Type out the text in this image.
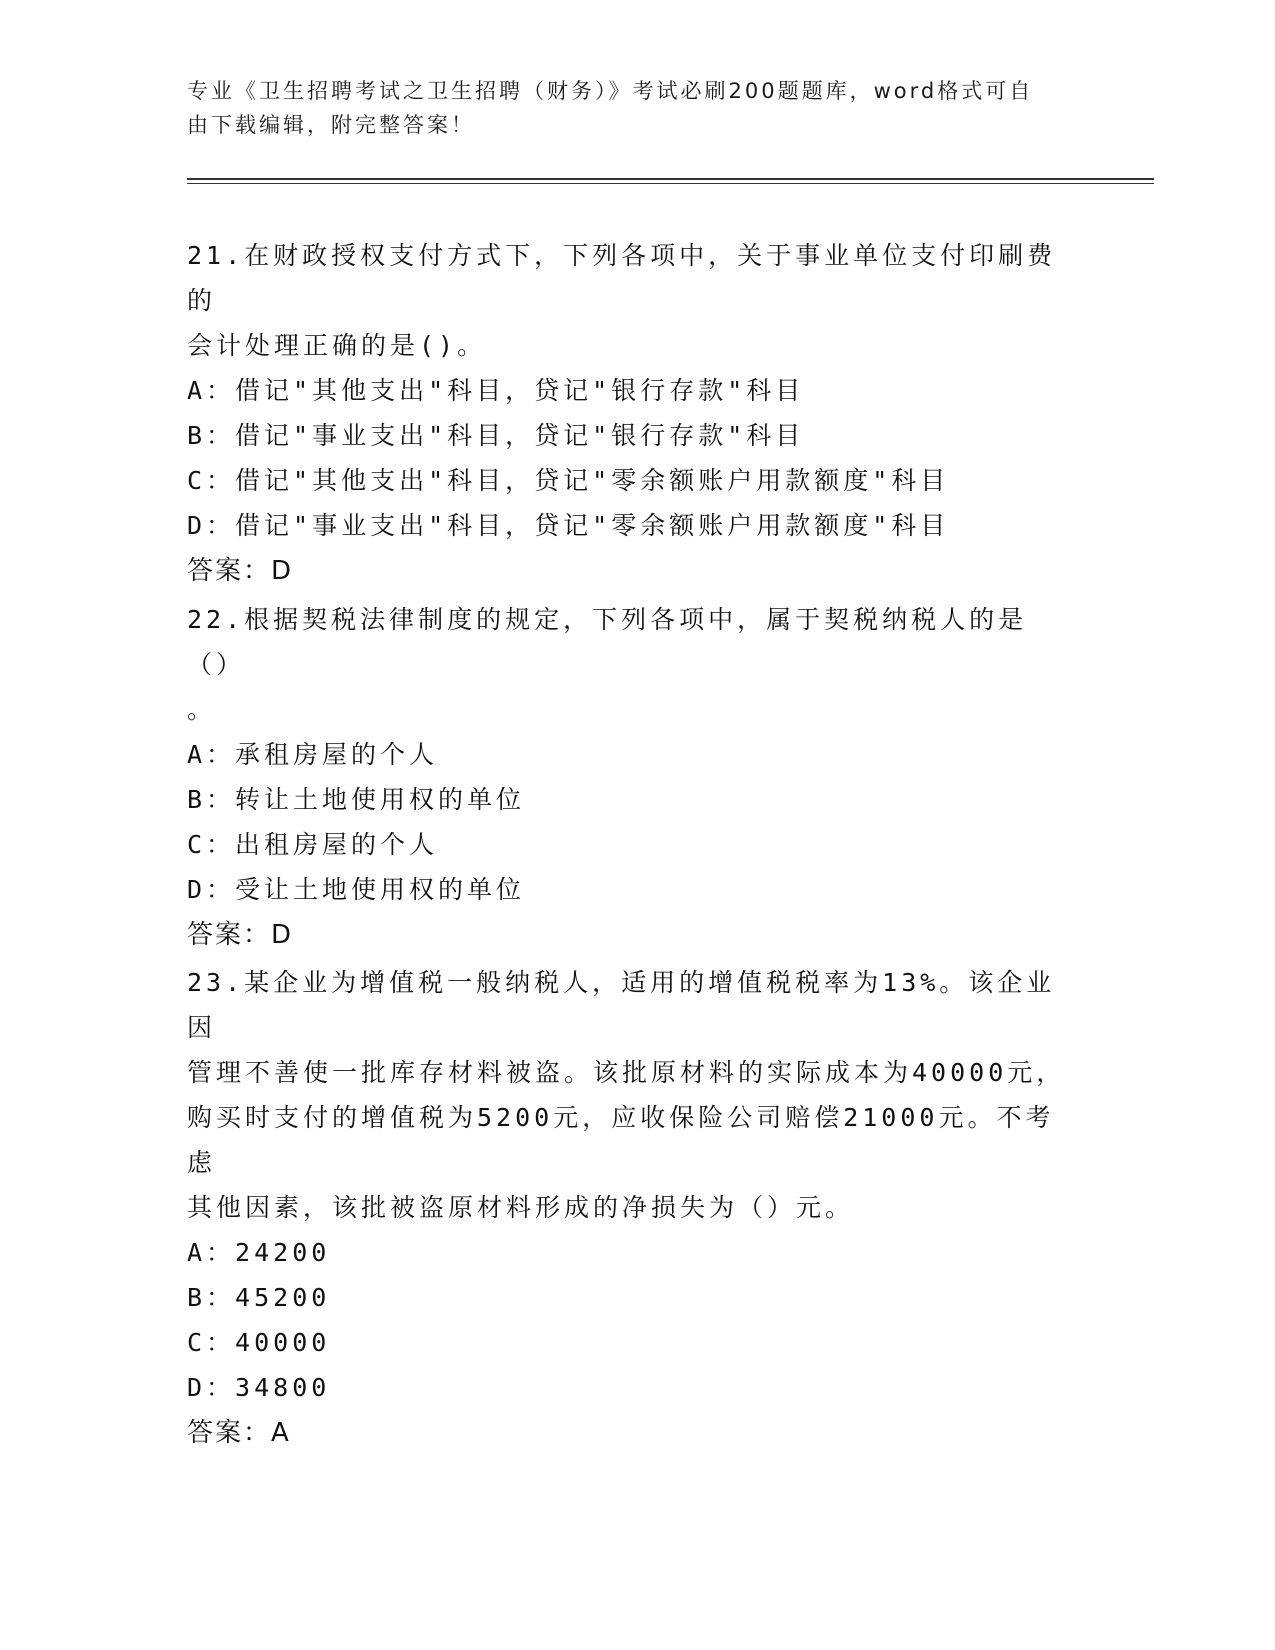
专业《卫生招聘考试之卫生招聘（财务）》考试必刷200题题库，word格式可自
由下载编辑，附完整答案！
21.在财政授权支付方式下，下列各项中，关于事业单位支付印刷费的
会计处理正确的是()。
A：借记"其他支出"科目，贷记"银行存款"科目
B：借记"事业支出"科目，贷记"银行存款"科目
C：借记"其他支出"科目，贷记"零余额账户用款额度"科目
D：借记"事业支出"科目，贷记"零余额账户用款额度"科目
答案：D
22.根据契税法律制度的规定，下列各项中，属于契税纳税人的是（）
。
A：承租房屋的个人
B：转让土地使用权的单位
C：出租房屋的个人
D：受让土地使用权的单位
答案：D
23.某企业为增值税一般纳税人，适用的增值税税率为13%。该企业因
管理不善使一批库存材料被盗。该批原材料的实际成本为40000元，
购买时支付的增值税为5200元，应收保险公司赔偿21000元。不考虑
其他因素，该批被盗原材料形成的净损失为（）元。
A：24200
B：45200
C：40000
D：34800
答案：A
